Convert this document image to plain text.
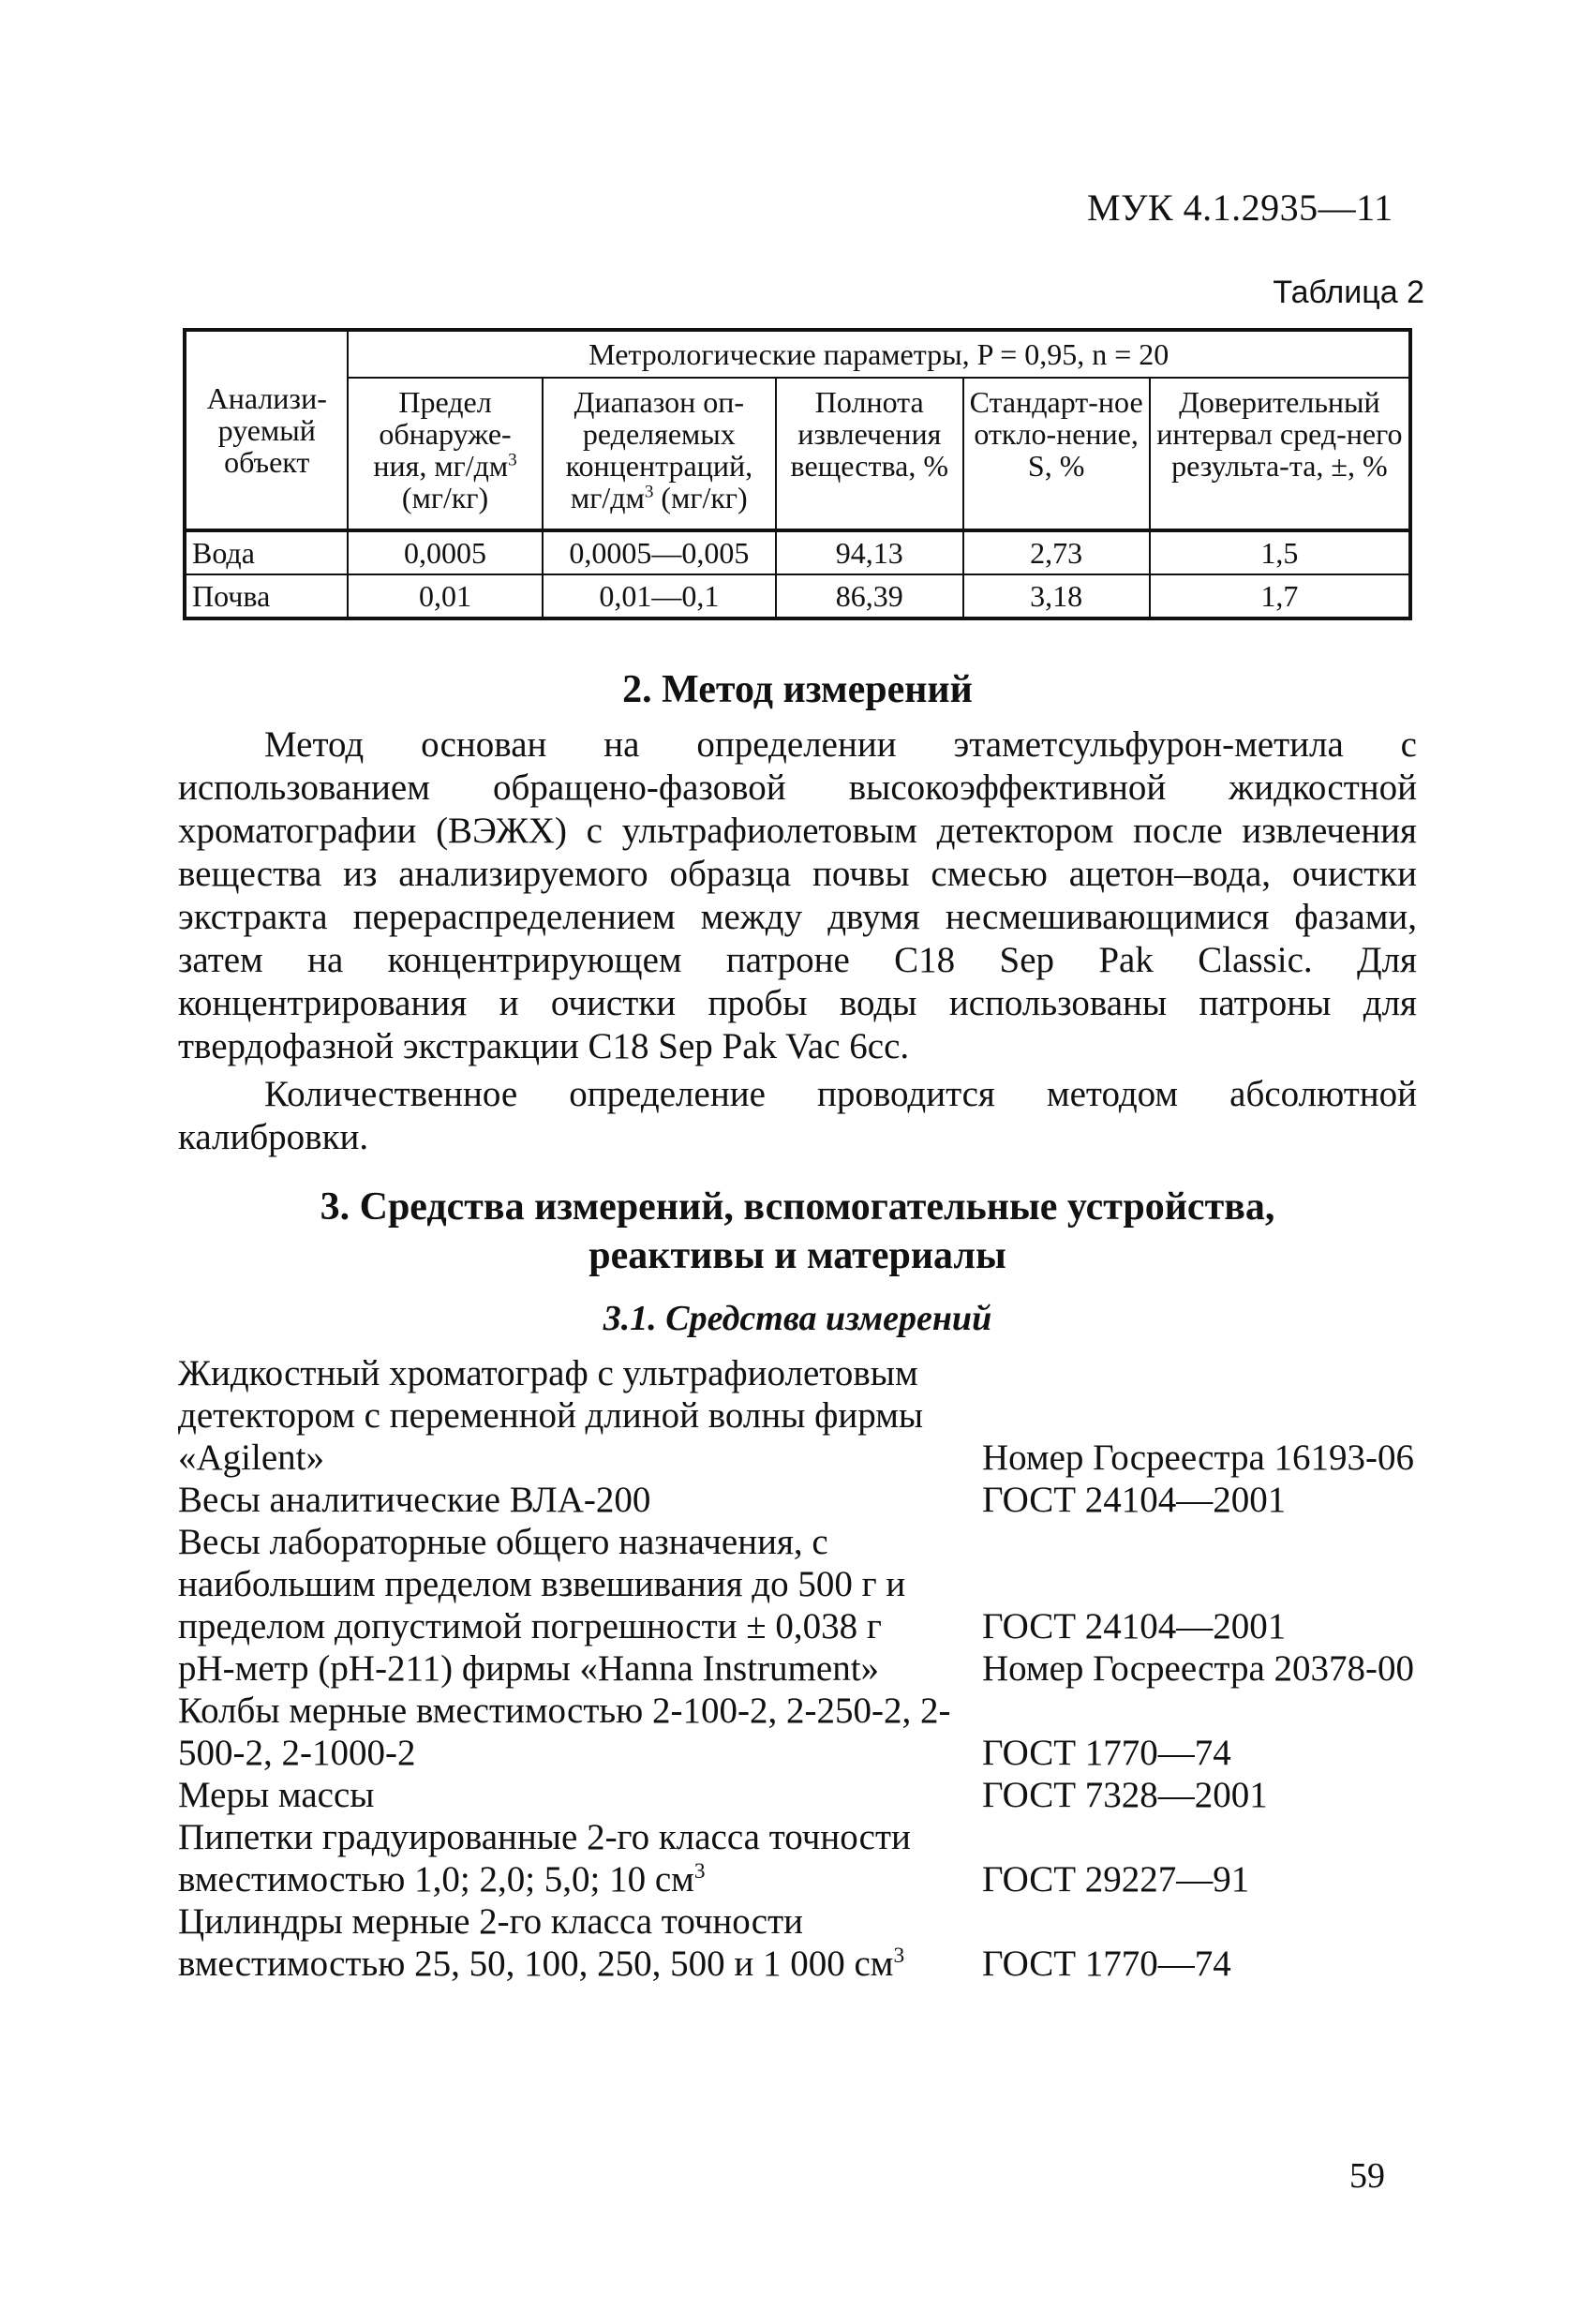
МУК 4.1.2935—11
Таблица 2
Анализи-руемый объект	Метрологические параметры, P = 0,95, n = 20				
	Предел обнаруже-ния, $мг/дм^3$ (мг/кг)	Диапазон оп-ределяемых концентраций, $мг/дм^3$ (мг/кг)	Полнота извлечения вещества, %	Стандарт-ное откло-нение, S, %	Доверительный интервал сред-него результа-та, ±, %
Вода	0,0005	0,0005—0,005	94,13	2,73	1,5
Почва	0,01	0,01—0,1	86,39	3,18	1,7
2. Метод измерений

Метод основан на определении этаметсульфурон-метила с использованием обращено-фазовой высокоэффективной жидкостной хроматографии (ВЭЖХ) с ультрафиолетовым детектором после извлечения вещества из анализируемого образца почвы смесью ацетон–вода, очистки экстракта перераспределением между двумя несмешивающимися фазами, затем на концентрирующем патроне С18 Sep Pak Classic. Для концентрирования и очистки пробы воды использованы патроны для твердофазной экстракции С18 Sep Pak Vac 6сс.

Количественное определение проводится методом абсолютной калибровки.

3. Средства измерений, вспомогательные устройства,
реактивы и материалы
3.1. Средства измерений
Жидкостный хроматограф с ультрафиолетовым детектором с переменной длиной волны фирмы «Agilent»	Номер Госреестра 16193-06
Весы аналитические ВЛА-200	ГОСТ 24104—2001
Весы лабораторные общего назначения, с наибольшим пределом взвешивания до 500 г и пределом допустимой погрешности ± 0,038 г	ГОСТ 24104—2001
рН-метр (рН-211) фирмы «Hanna Instrument»	Номер Госреестра 20378-00
Колбы мерные вместимостью 2-100-2, 2-250-2, 2-500-2, 2-1000-2	ГОСТ 1770—74
Меры массы	ГОСТ 7328—2001
Пипетки градуированные 2-го класса точности вместимостью 1,0; 2,0; 5,0; 10 $см^3$	ГОСТ 29227—91
Цилиндры мерные 2-го класса точности вместимостью 25, 50, 100, 250, 500 и 1 000 $см^3$	ГОСТ 1770—74
59
